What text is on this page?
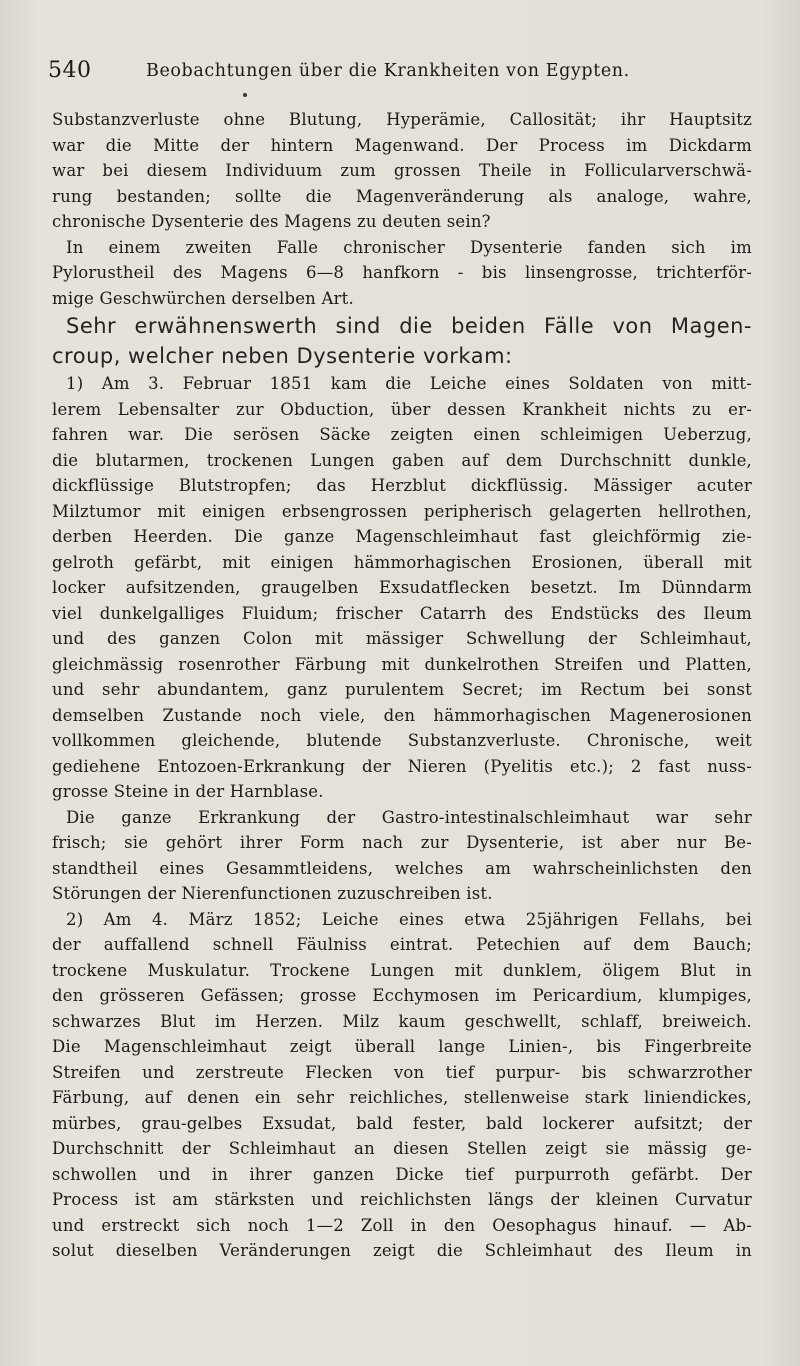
540	Beobachtungen über die Krankheiten von Egypten.
Substanzverluste ohne Blutung, Hyperämie, Callosität; ihr Hauptsitz
war die Mitte der hintern Magenwand. Der Process im Dickdarm
war bei diesem Individuum zum grossen Theile in Follicularverschwä-
rung bestanden; sollte die Magenveränderung als analoge, wahre,
chronische Dysenterie des Magens zu deuten sein?
In einem zweiten Falle chronischer Dysenterie fanden sich im
Pylorustheil des Magens 6—8 hanfkorn - bis linsengrosse, trichterför-
mige Geschwürchen derselben Art.
Sehr erwähnenswerth sind die beiden Fälle von Magen-
croup, welcher neben Dysenterie vorkam:
1) Am 3. Februar 1851 kam die Leiche eines Soldaten von mitt-
lerem Lebensalter zur Obduction, über dessen Krankheit nichts zu er-
fahren war. Die serösen Säcke zeigten einen schleimigen Ueberzug,
die blutarmen, trockenen Lungen gaben auf dem Durchschnitt dunkle,
dickflüssige Blutstropfen; das Herzblut dickflüssig. Mässiger acuter
Milztumor mit einigen erbsengrossen peripherisch gelagerten hellrothen,
derben Heerden. Die ganze Magenschleimhaut fast gleichförmig zie-
gelroth gefärbt, mit einigen hämmorhagischen Erosionen, überall mit
locker aufsitzenden, graugelben Exsudatflecken besetzt. Im Dünndarm
viel dunkelgalliges Fluidum; frischer Catarrh des Endstücks des Ileum
und des ganzen Colon mit mässiger Schwellung der Schleimhaut,
gleichmässig rosenrother Färbung mit dunkelrothen Streifen und Platten,
und sehr abundantem, ganz purulentem Secret; im Rectum bei sonst
demselben Zustande noch viele, den hämmorhagischen Magenerosionen
vollkommen gleichende, blutende Substanzverluste. Chronische, weit
gediehene Entozoen-Erkrankung der Nieren (Pyelitis etc.); 2 fast nuss-
grosse Steine in der Harnblase.
Die ganze Erkrankung der Gastro-intestinalschleimhaut war sehr
frisch; sie gehört ihrer Form nach zur Dysenterie, ist aber nur Be-
standtheil eines Gesammtleidens, welches am wahrscheinlichsten den
Störungen der Nierenfunctionen zuzuschreiben ist.
2) Am 4. März 1852; Leiche eines etwa 25jährigen Fellahs, bei
der auffallend schnell Fäulniss eintrat. Petechien auf dem Bauch;
trockene Muskulatur. Trockene Lungen mit dunklem, öligem Blut in
den grösseren Gefässen; grosse Ecchymosen im Pericardium, klumpiges,
schwarzes Blut im Herzen. Milz kaum geschwellt, schlaff, breiweich.
Die Magenschleimhaut zeigt überall lange Linien-, bis Fingerbreite
Streifen und zerstreute Flecken von tief purpur- bis schwarzrother
Färbung, auf denen ein sehr reichliches, stellenweise stark liniendickes,
mürbes, grau-gelbes Exsudat, bald fester, bald lockerer aufsitzt; der
Durchschnitt der Schleimhaut an diesen Stellen zeigt sie mässig ge-
schwollen und in ihrer ganzen Dicke tief purpurroth gefärbt. Der
Process ist am stärksten und reichlichsten längs der kleinen Curvatur
und erstreckt sich noch 1—2 Zoll in den Oesophagus hinauf. — Ab-
solut dieselben Veränderungen zeigt die Schleimhaut des Ileum in
